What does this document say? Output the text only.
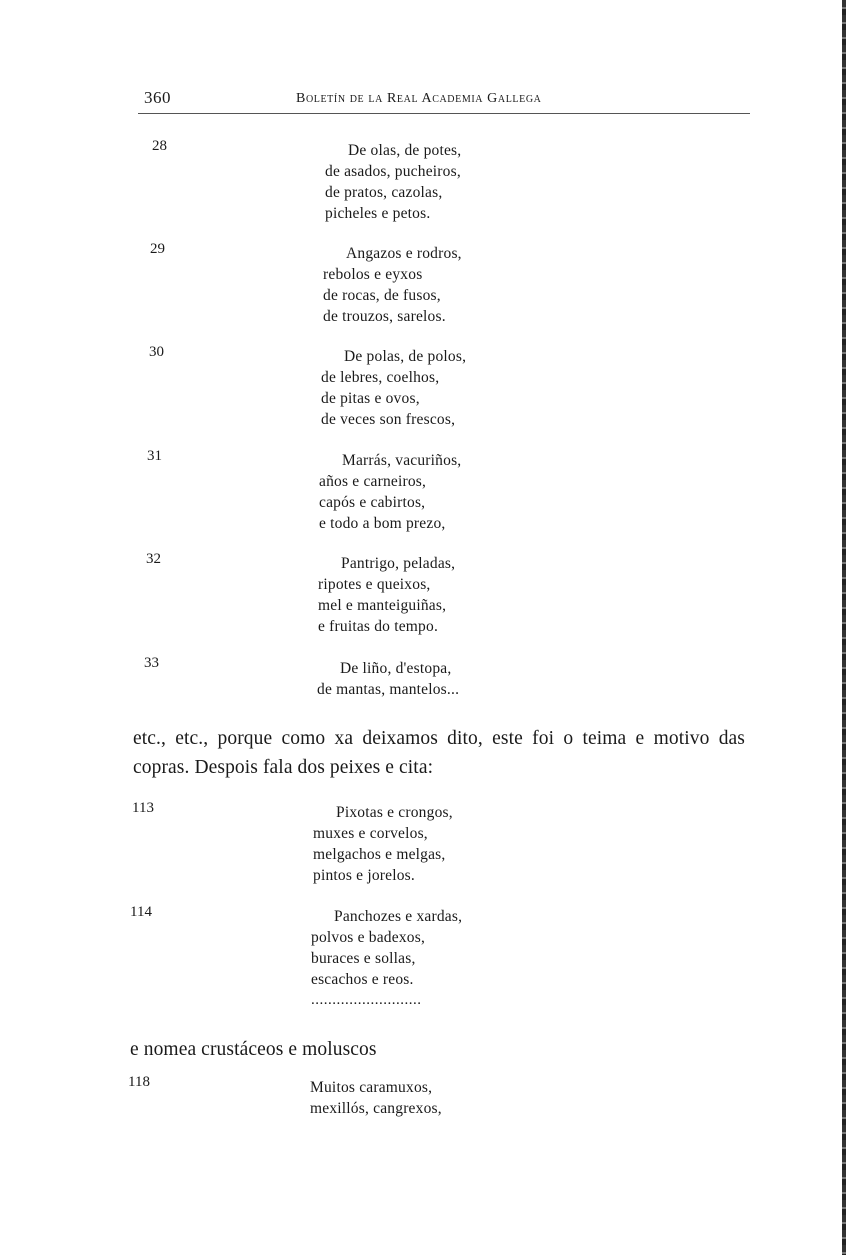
360	Boletín de la Real Academia Gallega
28	De olas, de potes,
de asados, pucheiros,
de pratos, cazolas,
picheles e petos.
29	Angazos e rodros,
rebolos e eyxos
de rocas, de fusos,
de trouzos, sarelos.
30	De polas, de polos,
de lebres, coelhos,
de pitas e ovos,
de veces son frescos,
31	Marrás, vacuriños,
años e carneiros,
capós e cabirtos,
e todo a bom prezo,
32	Pantrigo, peladas,
ripotes e queixos,
mel e manteiguiñas,
e fruitas do tempo.
33	De liño, d'estopa,
de mantas, mantelos...
etc., etc., porque como xa deixamos dito, este foi o teima e motivo das copras. Despois fala dos peixes e cita:
113	Pixotas e crongos,
muxes e corvelos,
melgachos e melgas,
pintos e jorelos.
114	Panchozes e xardas,
polvos e badexos,
buraces e sollas,
escachos e reos.
..........................
e nomea crustáceos e moluscos
118	Muitos caramuxos,
mexillós, cangrexos,
